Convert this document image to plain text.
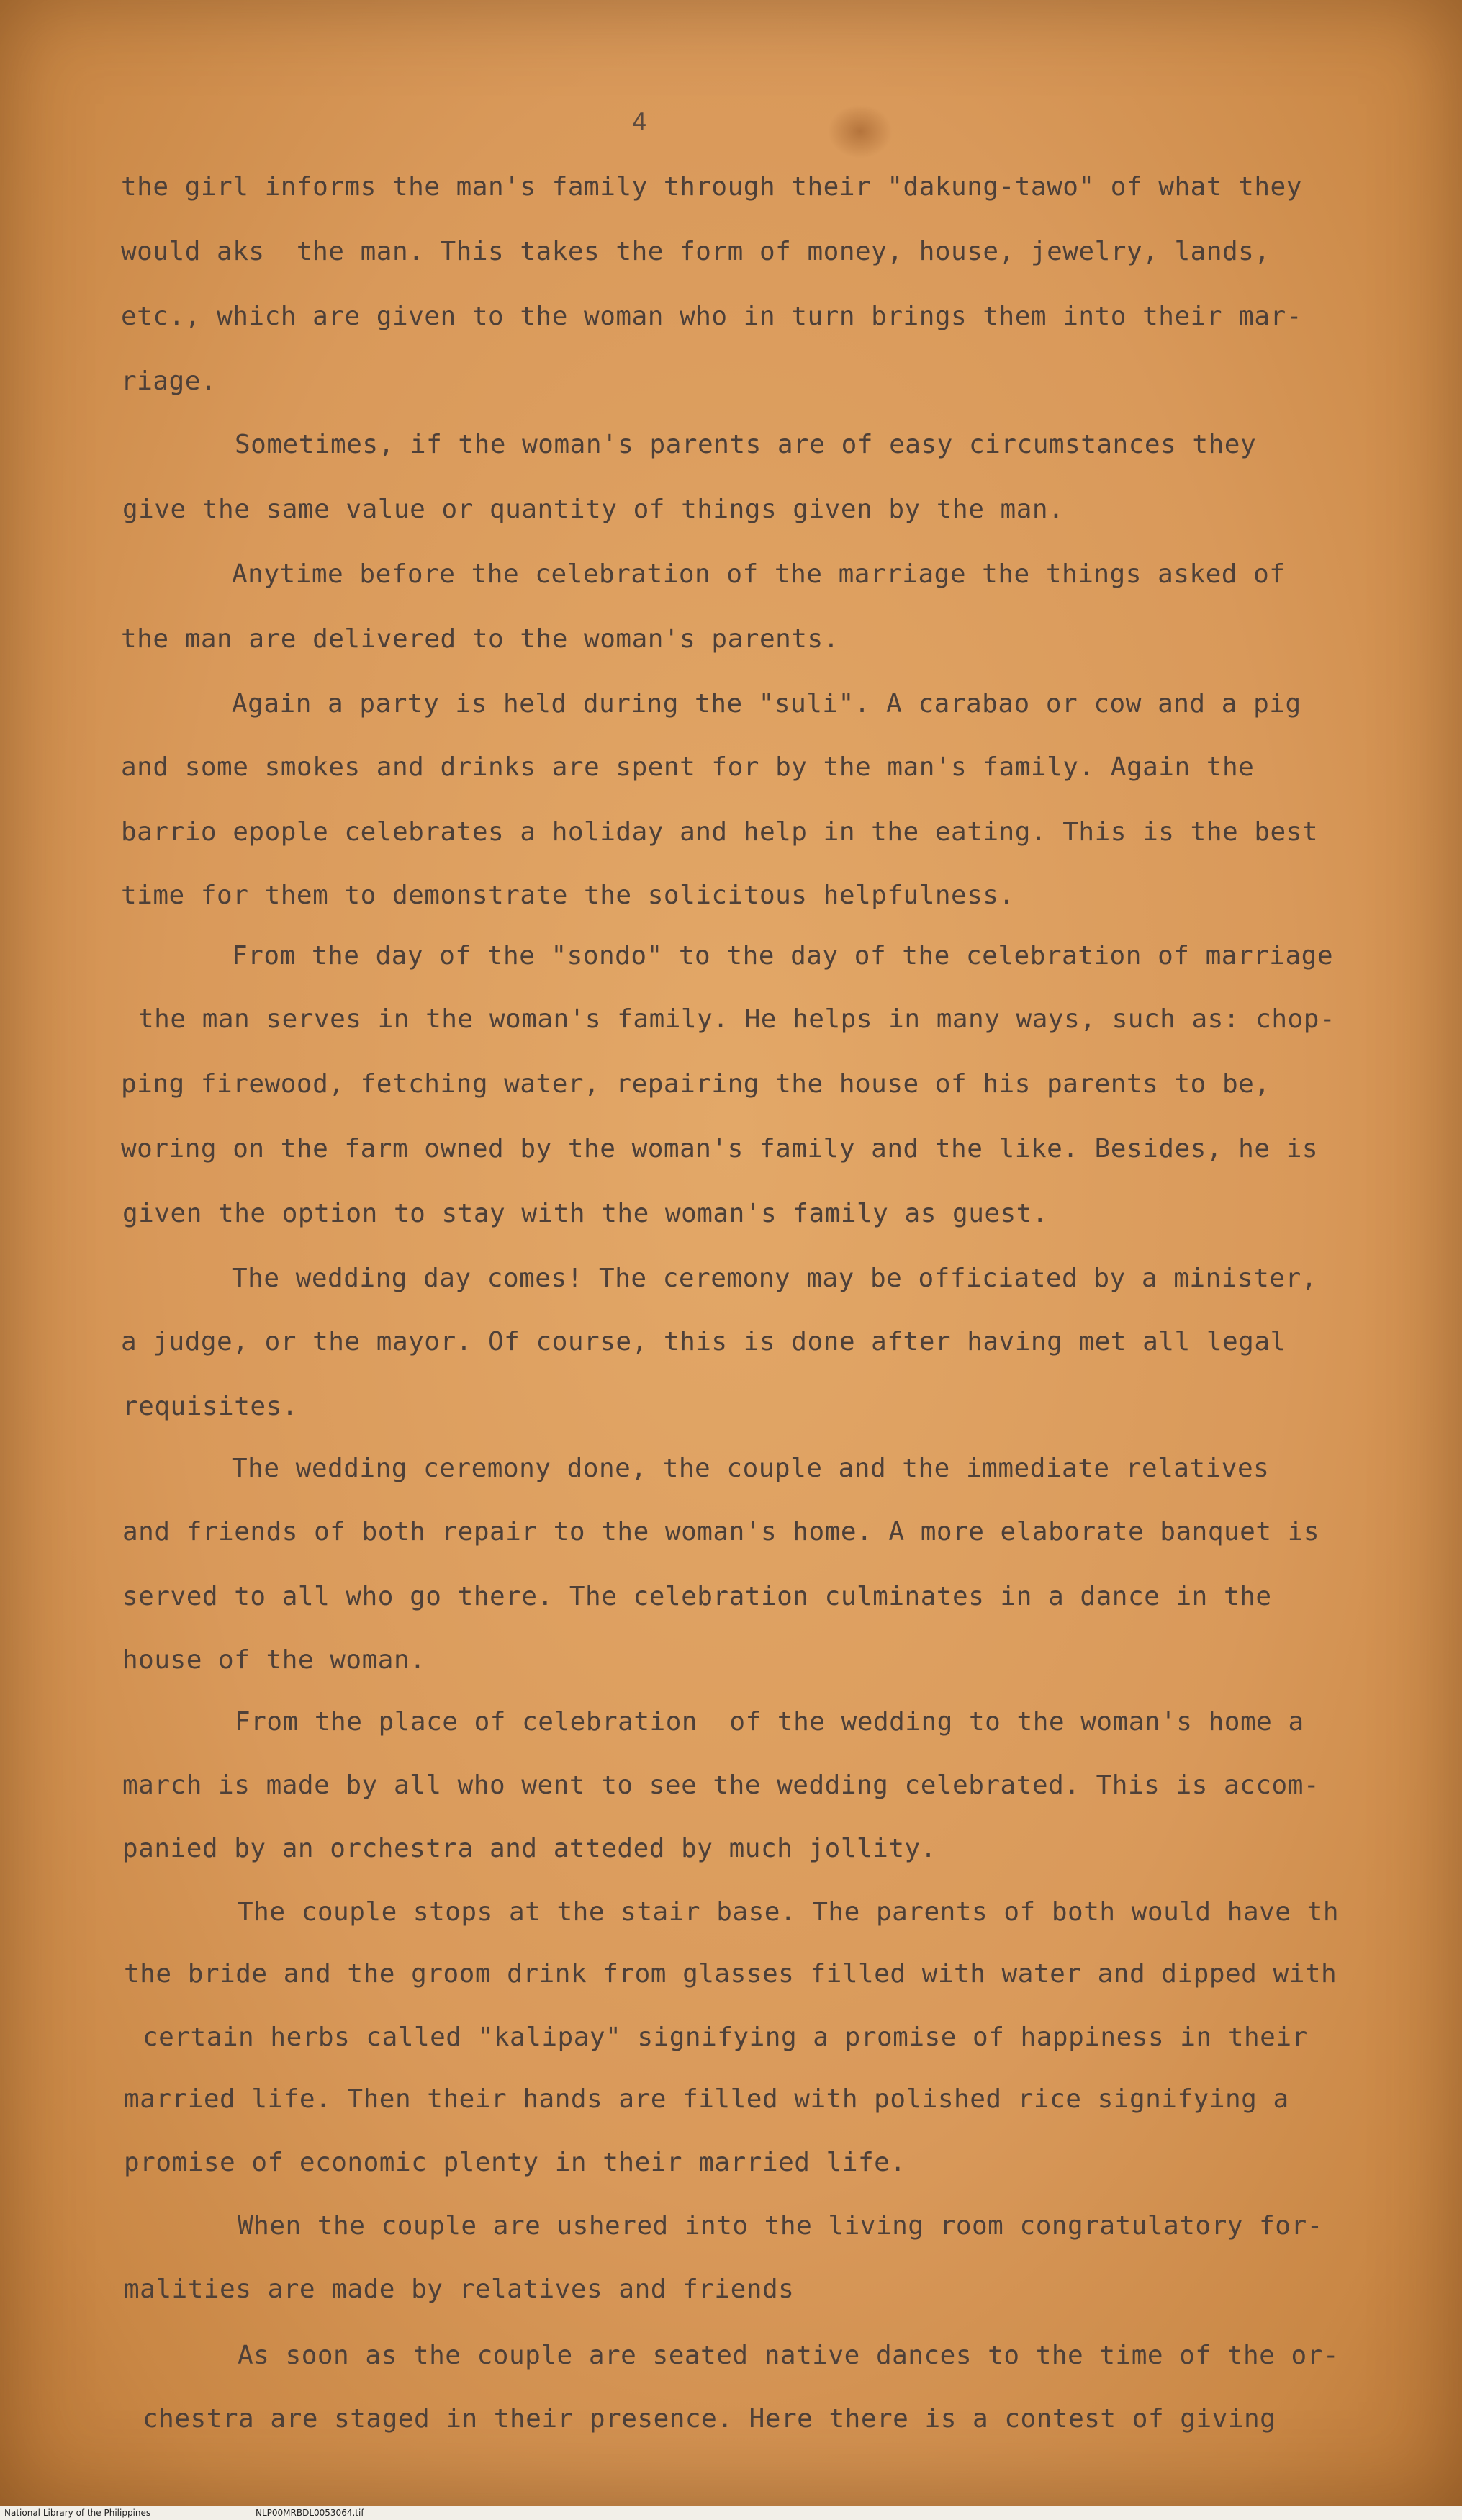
4
the girl informs the man's family through their "dakung-tawo" of what they
would aks  the man. This takes the form of money, house, jewelry, lands,
etc., which are given to the woman who in turn brings them into their mar-
riage.
Sometimes, if the woman's parents are of easy circumstances they
give the same value or quantity of things given by the man.
Anytime before the celebration of the marriage the things asked of
the man are delivered to the woman's parents.
Again a party is held during the "suli". A carabao or cow and a pig
and some smokes and drinks are spent for by the man's family. Again the
barrio epople celebrates a holiday and help in the eating. This is the best
time for them to demonstrate the solicitous helpfulness.
From the day of the "sondo" to the day of the celebration of marriage
the man serves in the woman's family. He helps in many ways, such as: chop-
ping firewood, fetching water, repairing the house of his parents to be,
woring on the farm owned by the woman's family and the like. Besides, he is
given the option to stay with the woman's family as guest.
The wedding day comes! The ceremony may be officiated by a minister,
a judge, or the mayor. Of course, this is done after having met all legal
requisites.
The wedding ceremony done, the couple and the immediate relatives
and friends of both repair to the woman's home. A more elaborate banquet is
served to all who go there. The celebration culminates in a dance in the
house of the woman.
From the place of celebration  of the wedding to the woman's home a
march is made by all who went to see the wedding celebrated. This is accom-
panied by an orchestra and atteded by much jollity.
The couple stops at the stair base. The parents of both would have th
the bride and the groom drink from glasses filled with water and dipped with
certain herbs called "kalipay" signifying a promise of happiness in their
married life. Then their hands are filled with polished rice signifying a
promise of economic plenty in their married life.
When the couple are ushered into the living room congratulatory for-
malities are made by relatives and friends
As soon as the couple are seated native dances to the time of the or-
chestra are staged in their presence. Here there is a contest of giving
National Library of the Philippines	NLP00MRBDL0053064.tif
